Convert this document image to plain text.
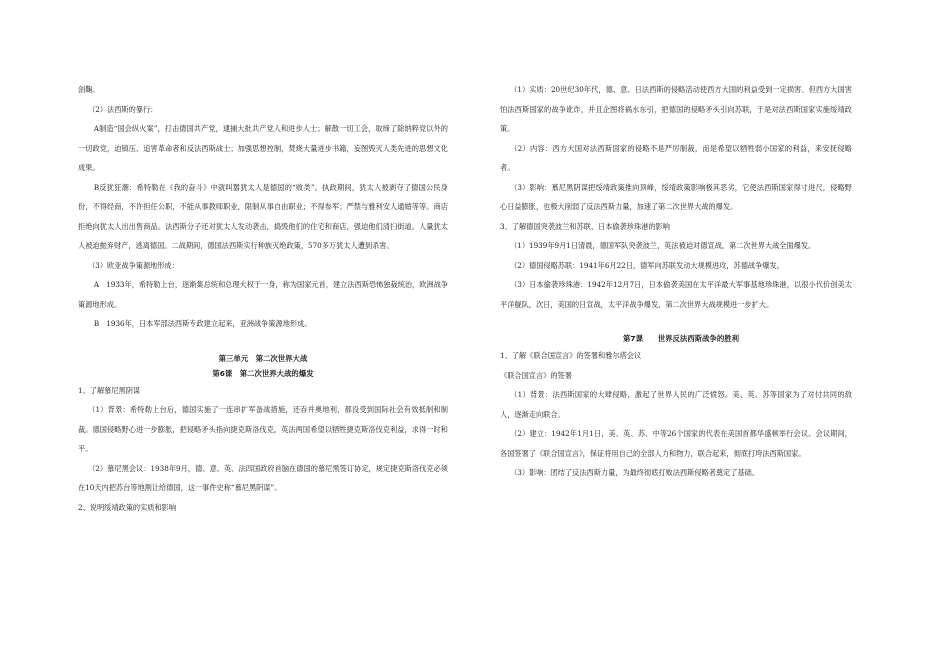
刽鞠。

（2）法西斯的暴行：

A制造“国会纵火案”，打击德国共产党，逮捕大批共产党人和进步人士；解散一切工会，取缔了除纳粹党以外的一切政党，迫镇压、追害革命者和反法西斯战士；加强思想控制，焚烧大量进步书籍，妄图毁灭人类先进的思想文化成果。

B反犹狂潮：希特勒在《我的奋斗》中就叫嚣犹太人是德国的“败类”。执政期间，犹太人被剥夺了德国公民身份，不得经商，不许担任公职，不能从事教师职业，限制从事自由职业；不得参军；严禁与雅利安人通婚等等。商店拒绝向犹太人出出售商品。法西斯分子还对犹太人发动袭击，捣毁他们的住宅和商店，强迫他们清扫街道。人量犹太人被迫抛弃财产，逃离德国。二战期间，德国法西斯实行种族灭绝政策，570多万犹太人遭到杀害。

（3）欧亚战争策源地形成：

A　1933年，希特勒上台，逐渐集总统和总理大权于一身，称为国家元首，建立法西斯恐怖独裁统治，欧洲战争策源地形成。

B　1936年，日本军部法西斯专政建立起来，亚洲战争策源地形成。

第三单元　第二次世界大战
第6课　第二次世界大战的爆发

1、了解慕尼黑阴谋

（1）背景：希特勒上台后，德国实施了一连串扩军备战措施，还吞并奥地利，都没受到国际社会有效抵制和制裁。德国侵略野心进一步膨胀，把侵略矛头指向捷克斯洛伐克，英法两国希望以牺牲捷克斯洛伐克利益，求得一时和平。

（2）慕尼黑会议：1938年9月，德、意、英、法四国政府首脑在德国的慕尼黑签订协定，规定捷克斯洛伐克必须在10天内把苏台等地割让给德国，这一事件史称“慕尼黑阴谋”。

2、说明绥靖政策的实质和影响

（1）实质：20世纪30年代，德、意、日法西斯的侵略活动使西方大国的利益受到一定损害。但西方大国害怕法西斯国家的战争讹诈，并且企图将祸水东引，把德国的侵略矛头引向苏联，于是对法西斯国家实施绥靖政策。

（2）内容：西方大国对法西斯国家的侵略不是严厉制裁，而是希望以牺牲弱小国家的利益，来安抚侵略者。

（3）影响：慕尼黑阴谋把绥靖政策推向顶峰，绥靖政策影响极其恶劣，它使法西斯国家得寸进尺，侵略野心日益膨胀，也极大削弱了反法西斯力量，加速了第二次世界大战的爆发。

3、了解德国突袭波兰和苏联、日本偷袭珍珠港的影响

（1）1939年9月1日清晨，德国军队突袭波兰，英法被迫对德宣战，第二次世界大战全面爆发。

（2）德国侵略苏联：1941年6月22日，德军向苏联发动大规模进攻，苏德战争爆发。

（3）日本偷袭珍珠港：1942年12月7日，日本偷袭美国在太平洋最大军事基地珍珠港，以很小代价创美太平洋舰队，次日，美国的日宣战，太平洋战争爆发，第二次世界大战规模进一步扩大。

第7课　　世界反法西斯战争的胜利

1、了解《联合国宣言》的签署和雅尔塔会议

《联合国宣言》的签署

（1）背景：法西斯国家的大肆侵略，激起了世界人民的广泛愤怒。美、英、苏等国家为了对付共同的敌人，逐渐走向联合。

（2）建立：1942年1月1日，美、英、苏、中等26个国家的代表在美国首都华盛顿举行会议。会议期间，各国签署了《联合国宣言》，保证将用自己的全部人力和物力，联合起来，彻底打垮法西斯国家。

（3）影响：团结了反法西斯力量，为最终彻底打败法西斯侵略者奠定了基础。
